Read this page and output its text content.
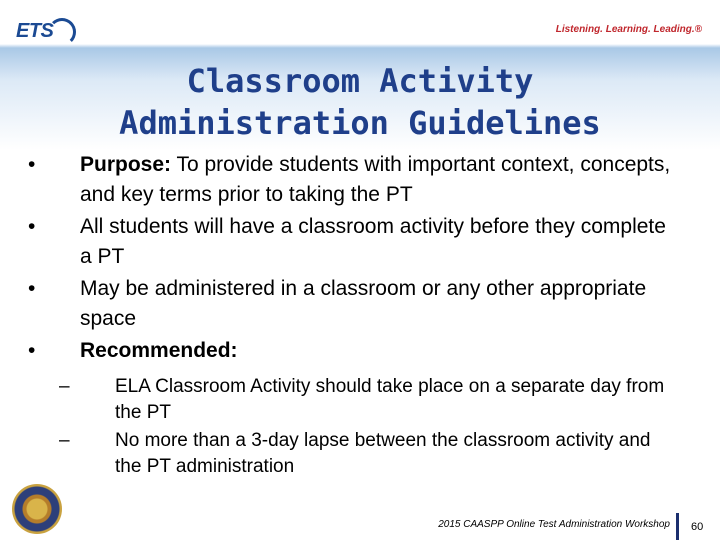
ETS	Listening. Learning. Leading.®
Classroom Activity
Administration Guidelines
• Purpose: To provide students with important context, concepts, and key terms prior to taking the PT
• All students will have a classroom activity before they complete a PT
• May be administered in a classroom or any other appropriate space
• Recommended:
– ELA Classroom Activity should take place on a separate day from the PT
– No more than a 3-day lapse between the classroom activity and the PT administration
2015 CAASPP Online Test Administration Workshop 60
